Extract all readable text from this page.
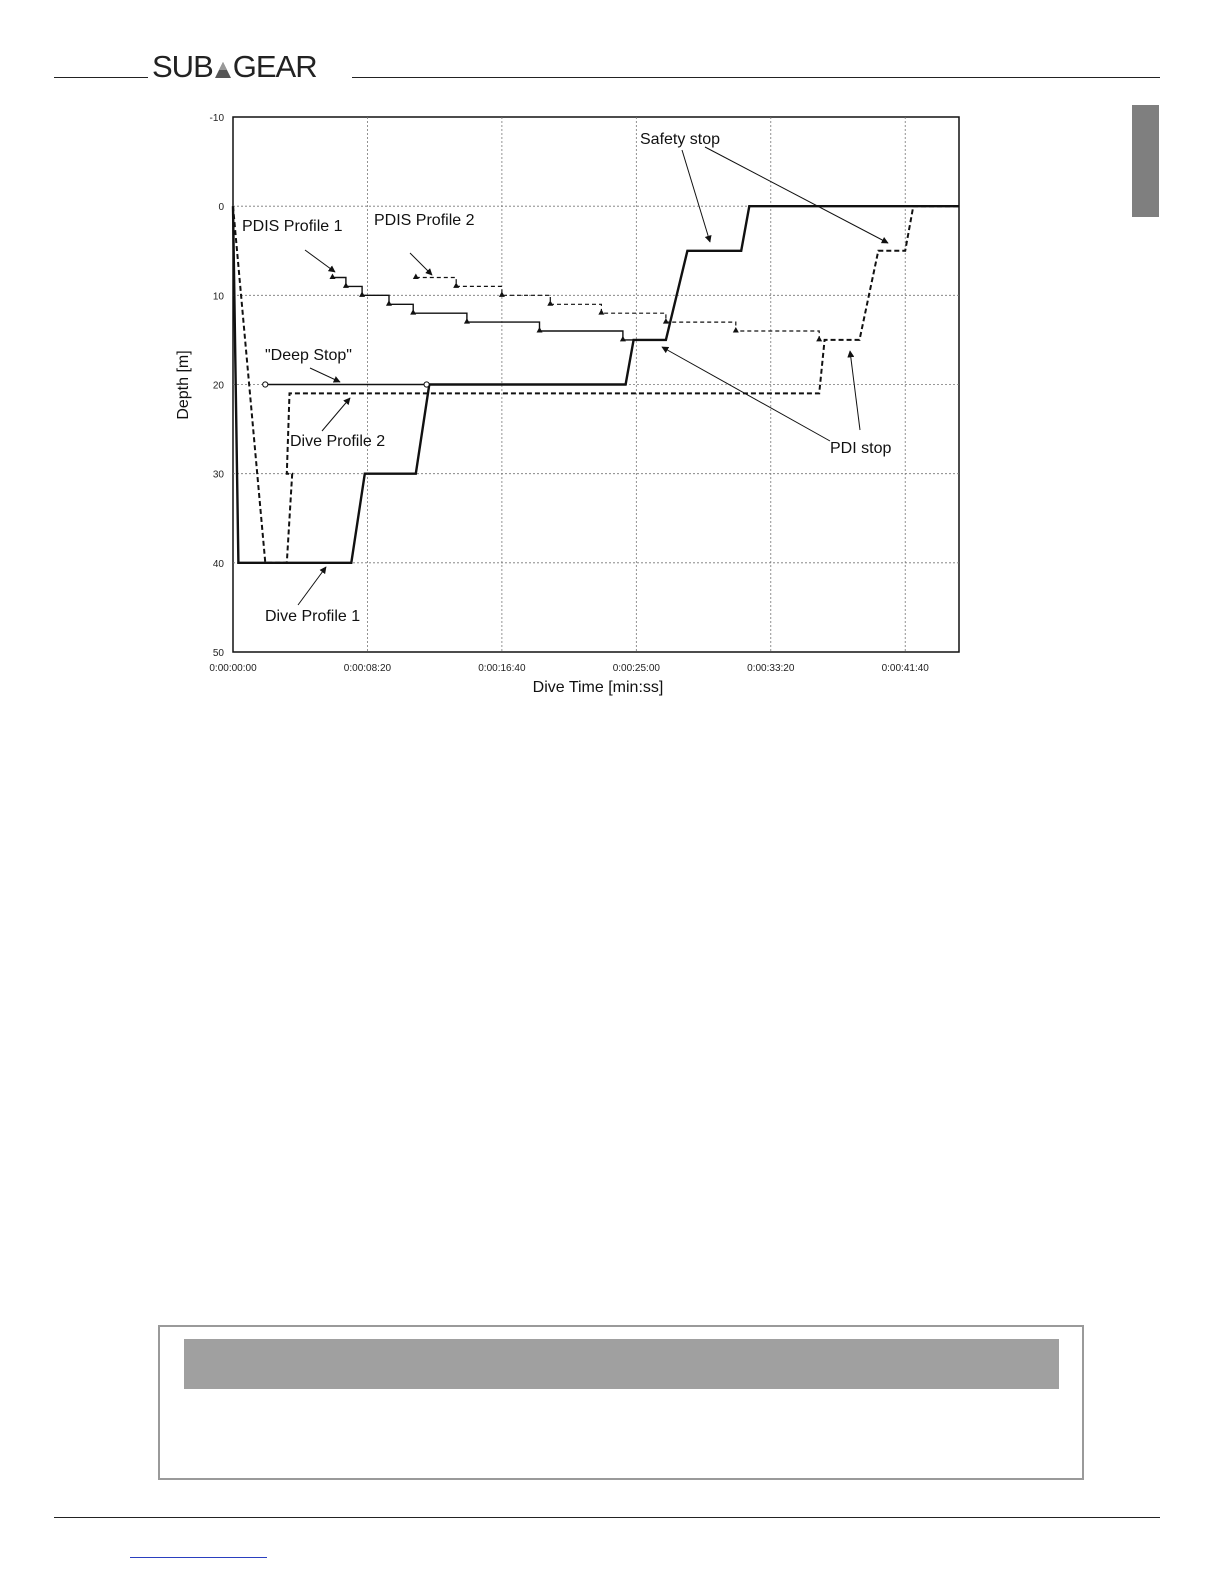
SUB GEAR
0:00:00:00	0:00:08:20	0:00:16:40	0:00:25:00	0:00:33:20	0:00:41:40
-10
0
10
20
30
40
50
Dive Time [min:ss]
Depth [m]
PDIS Profile 1 PDIS Profile 2
"Deep Stop"
Dive Profile 2
Dive Profile 1
Safety stop
PDI stop
